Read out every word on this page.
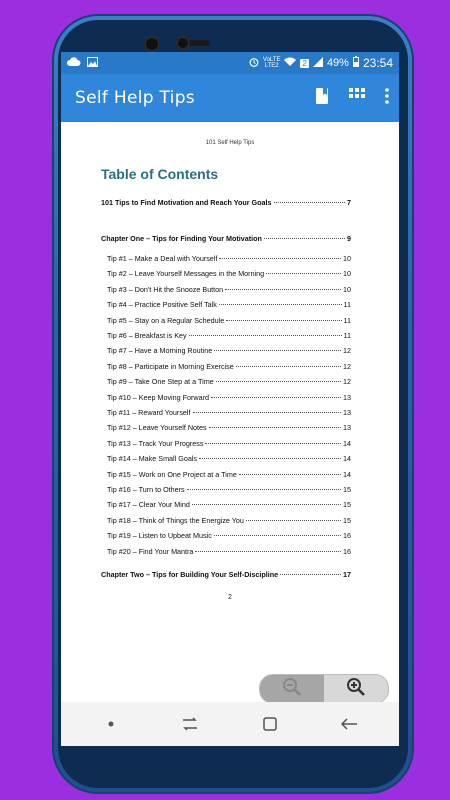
VoLTE
LTE2	2 49% 23:54
Self Help Tips
101 Self Help Tips
Table of Contents
101 Tips to Find Motivation and Reach Your Goals	7
Chapter One – Tips for Finding Your Motivation	9
Tip #1 – Make a Deal with Yourself	10
Tip #2 – Leave Yourself Messages in the Morning	10
Tip #3 – Don't Hit the Snooze Button	10
Tip #4 – Practice Positive Self Talk	11
Tip #5 – Stay on a Regular Schedule	11
Tip #6 – Breakfast is Key	11
Tip #7 – Have a Morning Routine	12
Tip #8 – Participate in Morning Exercise	12
Tip #9 – Take One Step at a Time	12
Tip #10 – Keep Moving Forward	13
Tip #11 – Reward Yourself	13
Tip #12 – Leave Yourself Notes	13
Tip #13 – Track Your Progress	14
Tip #14 – Make Small Goals	14
Tip #15 – Work on One Project at a Time	14
Tip #16 – Turn to Others	15
Tip #17 – Clear Your Mind	15
Tip #18 – Think of Things the Energize You	15
Tip #19 – Listen to Upbeat Music	16
Tip #20 – Find Your Mantra	16
Chapter Two – Tips for Building Your Self-Discipline	17
2
